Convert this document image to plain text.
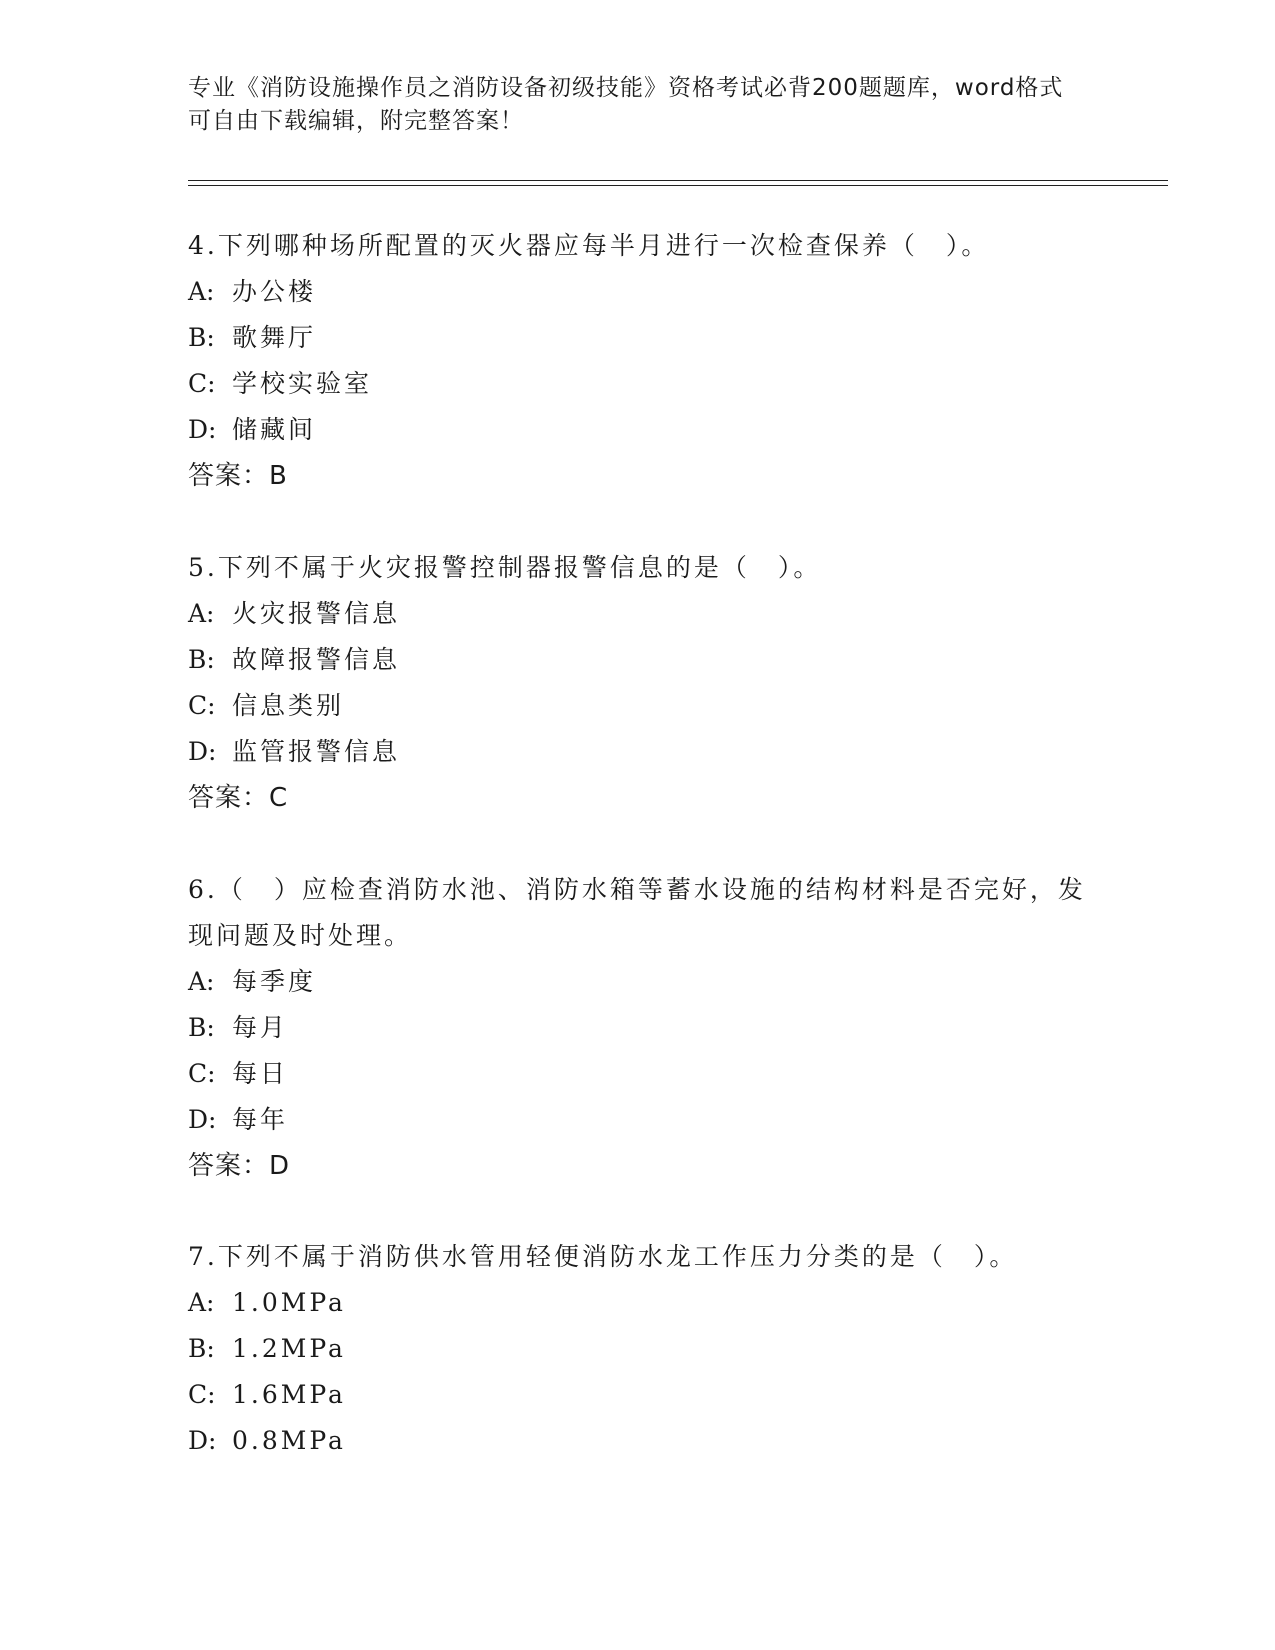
专业《消防设施操作员之消防设备初级技能》资格考试必背200题题库，word格式可自由下载编辑，附完整答案！

4.下列哪种场所配置的灭火器应每半月进行一次检查保养（　）。

A: 办公楼
B: 歌舞厅
C: 学校实验室
D: 储藏间
答案：B

5.下列不属于火灾报警控制器报警信息的是（　）。

A: 火灾报警信息
B: 故障报警信息
C: 信息类别
D: 监管报警信息
答案：C

6.（　）应检查消防水池、消防水箱等蓄水设施的结构材料是否完好，发现问题及时处理。

A: 每季度
B: 每月
C: 每日
D: 每年
答案：D

7.下列不属于消防供水管用轻便消防水龙工作压力分类的是（　）。

A: 1.0MPa
B: 1.2MPa
C: 1.6MPa
D: 0.8MPa
